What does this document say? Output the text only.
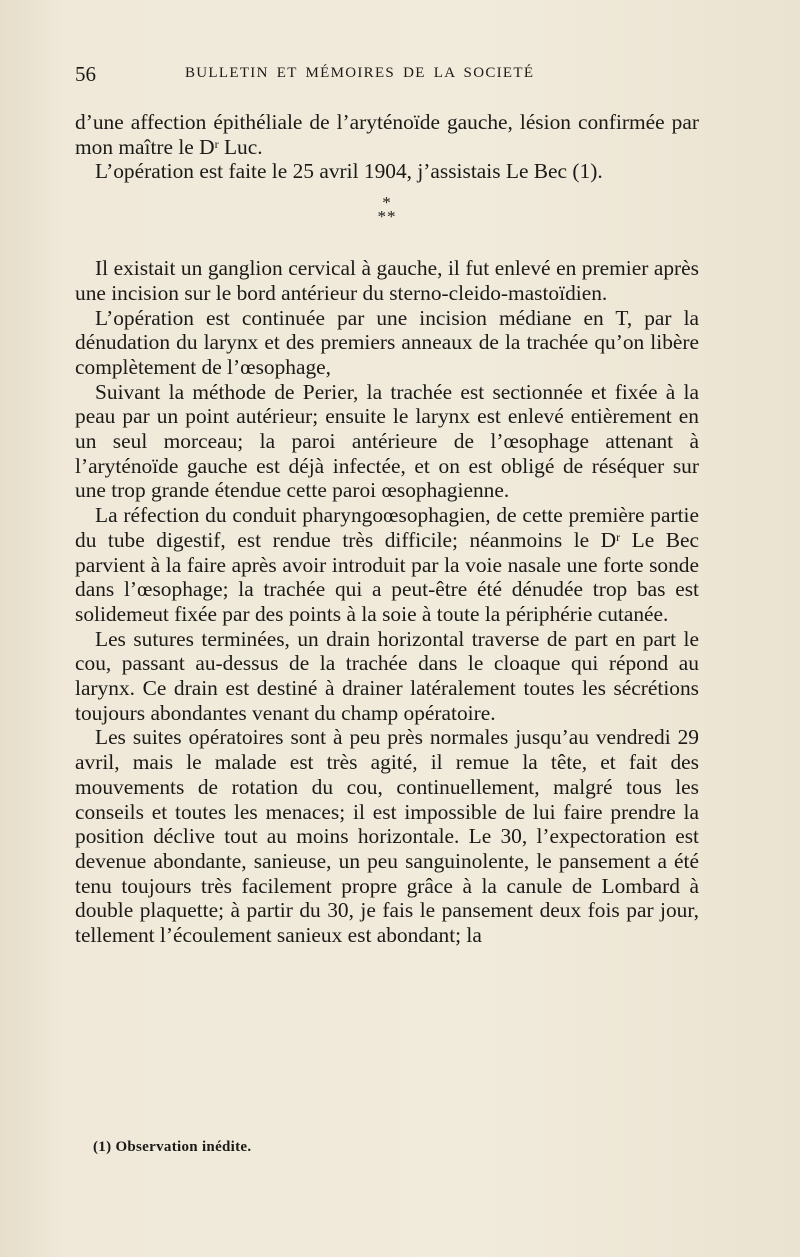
56	BULLETIN ET MÉMOIRES DE LA SOCIETÉ

d’une affection épithéliale de l’aryténoïde gauche, lésion confirmée par mon maître le $D^r$ Luc.

L’opération est faite le 25 avril 1904, j’assistais Le Bec (1).

*
**

Il existait un ganglion cervical à gauche, il fut enlevé en premier après une incision sur le bord antérieur du sterno-cleido-mastoïdien.

L’opération est continuée par une incision médiane en T, par la dénudation du larynx et des premiers anneaux de la trachée qu’on libère complètement de l’œsophage,

Suivant la méthode de Perier, la trachée est sectionnée et fixée à la peau par un point autérieur; ensuite le larynx est enlevé entièrement en un seul morceau; la paroi antérieure de l’œsophage attenant à l’aryténoïde gauche est déjà infectée, et on est obligé de réséquer sur une trop grande étendue cette paroi œsophagienne.

La réfection du conduit pharyngoœsophagien, de cette première partie du tube digestif, est rendue très difficile; néanmoins le $D^r$ Le Bec parvient à la faire après avoir introduit par la voie nasale une forte sonde dans l’œsophage; la trachée qui a peut-être été dénudée trop bas est solidemeut fixée par des points à la soie à toute la périphérie cutanée.

Les sutures terminées, un drain horizontal traverse de part en part le cou, passant au-dessus de la trachée dans le cloaque qui répond au larynx. Ce drain est destiné à drainer latéralement toutes les sécrétions toujours abondantes venant du champ opératoire.

Les suites opératoires sont à peu près normales jusqu’au vendredi 29 avril, mais le malade est très agité, il remue la tête, et fait des mouvements de rotation du cou, continuellement, malgré tous les conseils et toutes les menaces; il est impossible de lui faire prendre la position déclive tout au moins horizontale. Le 30, l’expectoration est devenue abondante, sanieuse, un peu sanguinolente, le pansement a été tenu toujours très facilement propre grâce à la canule de Lombard à double plaquette; à partir du 30, je fais le pansement deux fois par jour, tellement l’écoulement sanieux est abondant; la

(1) Observation inédite.
